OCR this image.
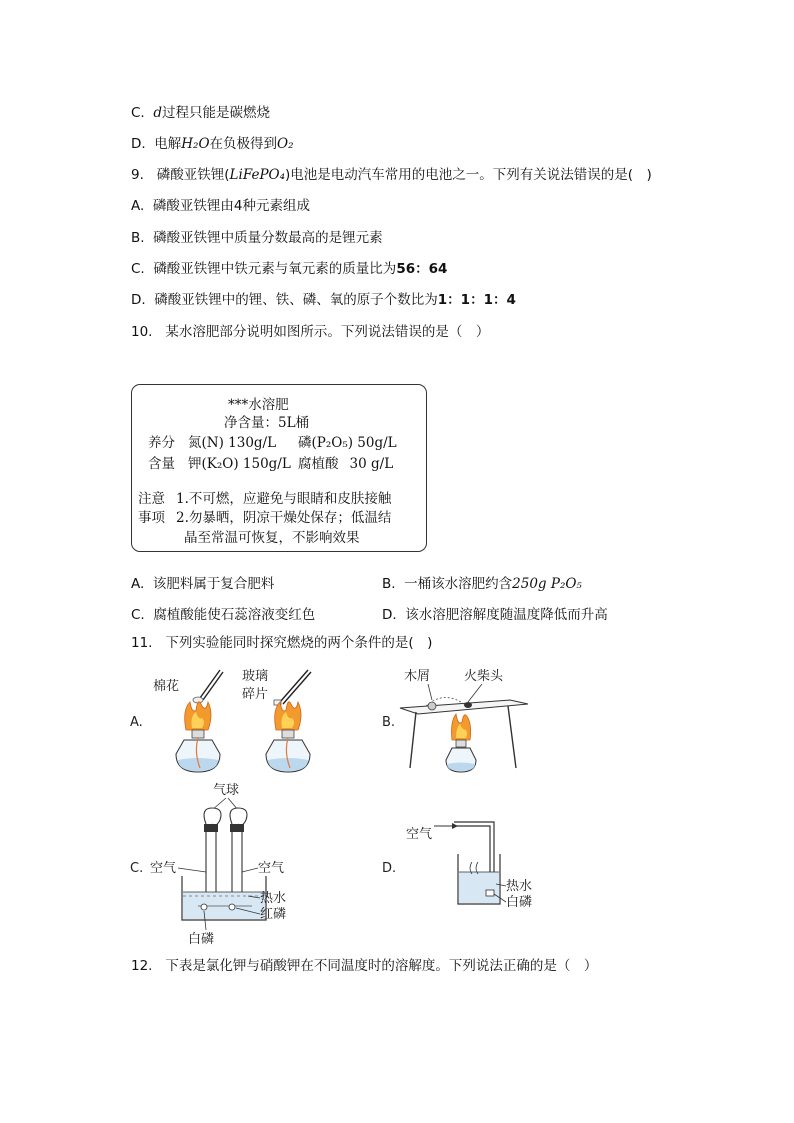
C. d过程只能是碳燃烧
D. 电解H₂O在负极得到O₂
9. 磷酸亚铁锂(LiFePO₄)电池是电动汽车常用的电池之一。下列有关说法错误的是(　)
A. 磷酸亚铁锂由4种元素组成
B. 磷酸亚铁锂中质量分数最高的是锂元素
C. 磷酸亚铁锂中铁元素与氧元素的质量比为56：64
D. 磷酸亚铁锂中的锂、铁、磷、氧的原子个数比为1：1：1：4
10. 某水溶肥部分说明如图所示。下列说法错误的是（　）
***水溶肥
净含量：5L桶
养分 氮(N) 130g/L 磷(P₂O₅) 50g/L
含量 钾(K₂O) 150g/L 腐植酸  30 g/L
注意 1.不可燃，应避免与眼睛和皮肤接触
事项 2.勿暴晒，阴凉干燥处保存；低温结
晶至常温可恢复，不影响效果
A. 该肥料属于复合肥料	B. 一桶该水溶肥约含250g P₂O₅
C. 腐植酸能使石蕊溶液变红色	D. 该水溶肥溶解度随温度降低而升高
11. 下列实验能同时探究燃烧的两个条件的是(　)
A.
棉花
玻璃
碎片
B.
木屑	火柴头
C.
气球
空气	空气
热水
红磷
白磷
D.
空气
热水
白磷
12. 下表是氯化钾与硝酸钾在不同温度时的溶解度。下列说法正确的是（　）
